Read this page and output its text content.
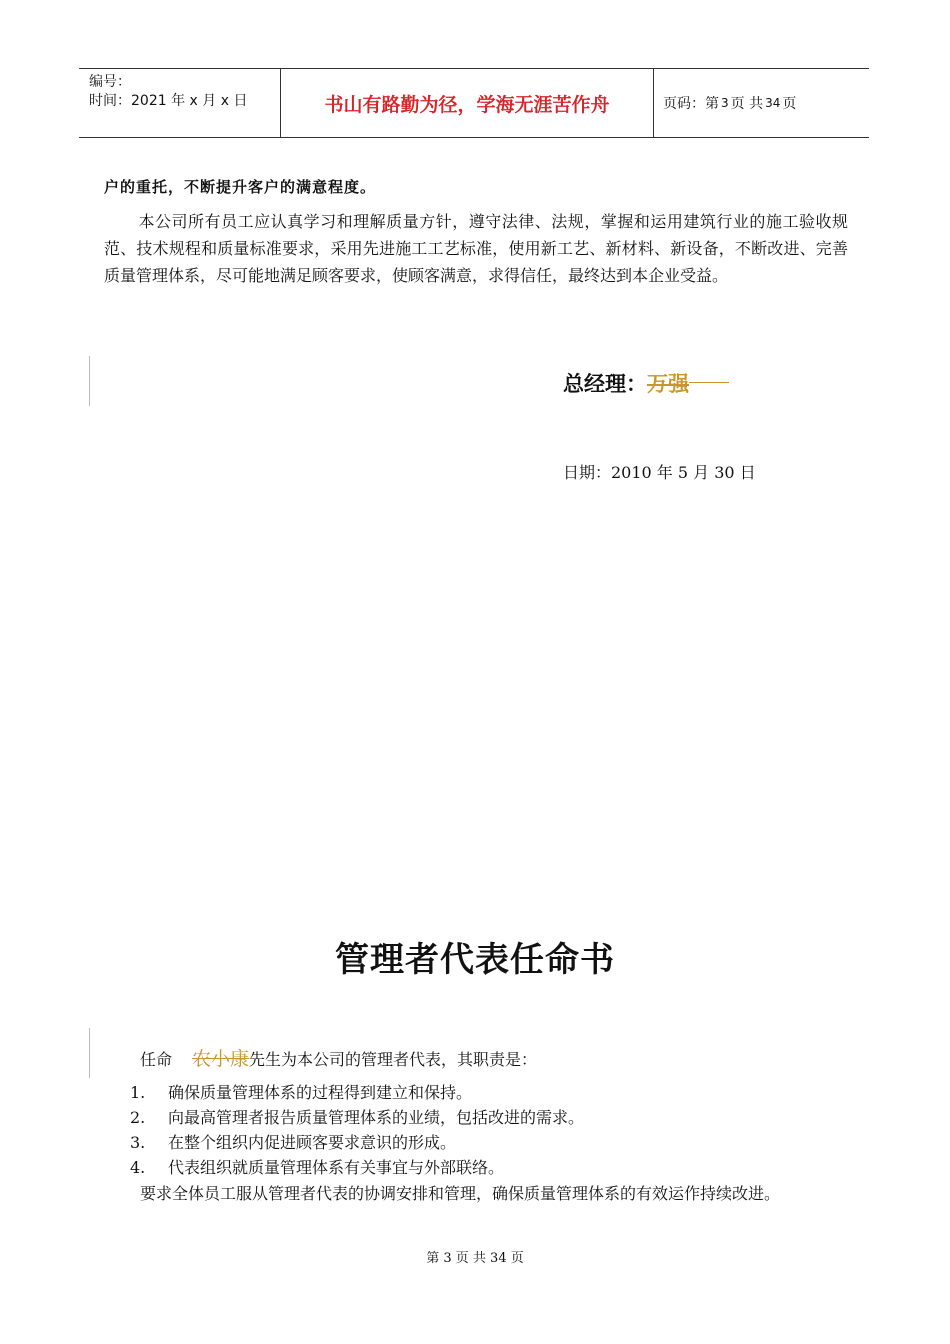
编号：
时间：2021 年 x 月 x 日	书山有路勤为径，学海无涯苦作舟	页码：第 3 页 共 34 页
户的重托，不断提升客户的满意程度。
本公司所有员工应认真学习和理解质量方针，遵守法律、法规，掌握和运用建筑行业的施工验收规范、技术规程和质量标准要求，采用先进施工工艺标准，使用新工艺、新材料、新设备，不断改进、完善质量管理体系，尽可能地满足顾客要求，使顾客满意，求得信任，最终达到本企业受益。
总经理：万强
日期：2010 年 5 月 30 日
管理者代表任命书
任命 农小康先生为本公司的管理者代表，其职责是：
1.	确保质量管理体系的过程得到建立和保持。
2.	向最高管理者报告质量管理体系的业绩，包括改进的需求。
3.	在整个组织内促进顾客要求意识的形成。
4.	代表组织就质量管理体系有关事宜与外部联络。
要求全体员工服从管理者代表的协调安排和管理，确保质量管理体系的有效运作持续改进。
第 3 页 共 34 页
